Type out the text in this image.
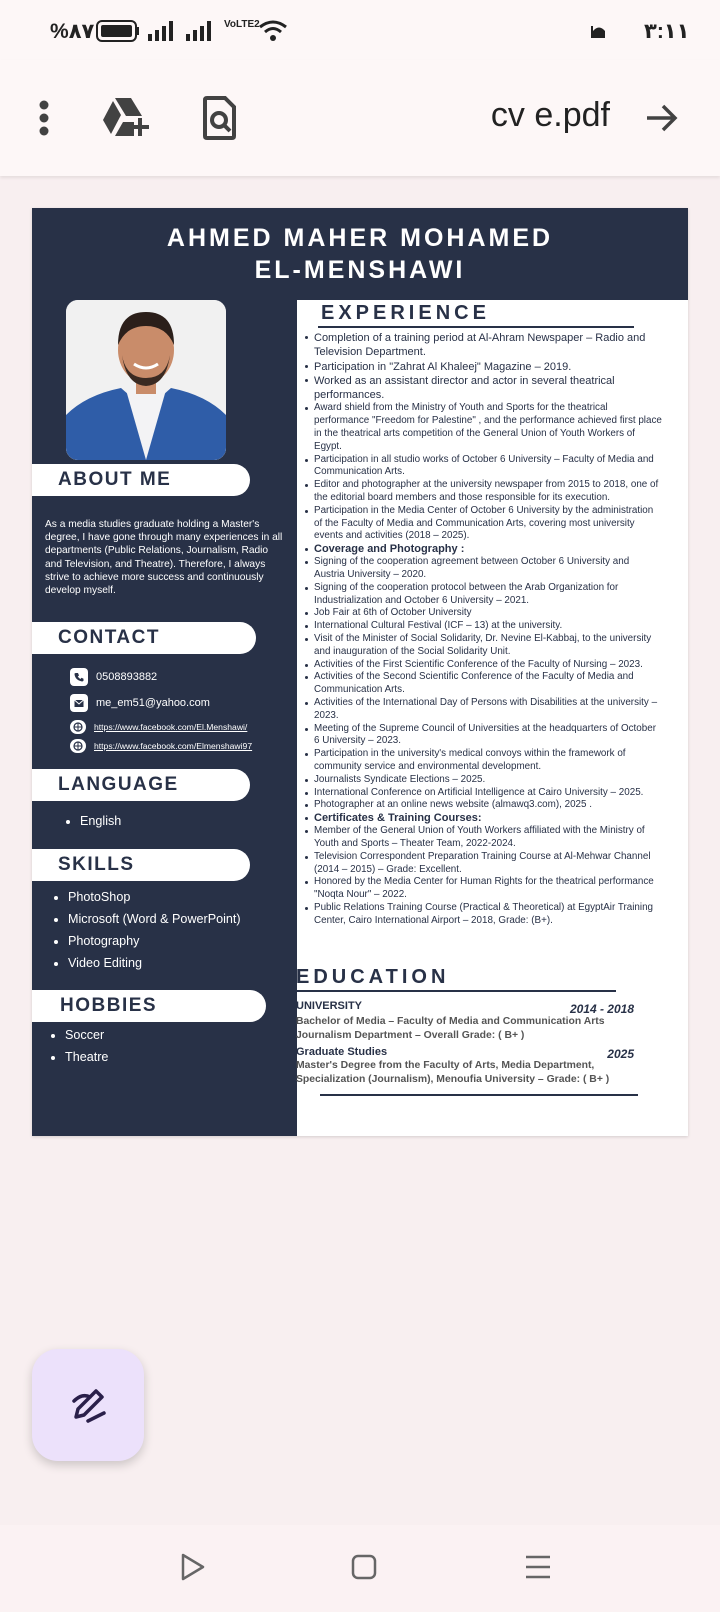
%٨٧	VoLTE2	٣:١١
cv e.pdf
AHMED MAHER MOHAMED
EL-MENSHAWI
ABOUT ME
As a media studies graduate holding a Master's degree, I have gone through many experiences in all departments (Public Relations, Journalism, Radio and Television, and Theatre). Therefore, I always strive to achieve more success and continuously develop myself.
CONTACT
0508893882
me_em51@yahoo.com
https://www.facebook.com/El.Menshawi/
https://www.facebook.com/Elmenshawi97
LANGUAGE
English
SKILLS
PhotoShop
Microsoft (Word & PowerPoint)
Photography
Video Editing
HOBBIES
Soccer
Theatre
EXPERIENCE
Completion of a training period at Al-Ahram Newspaper – Radio and Television Department.
Participation in "Zahrat Al Khaleej" Magazine – 2019.
Worked as an assistant director and actor in several theatrical performances.
Award shield from the Ministry of Youth and Sports for the theatrical performance "Freedom for Palestine" , and the performance achieved first place in the theatrical arts competition of the General Union of Youth Workers of Egypt.
Participation in all studio works of October 6 University – Faculty of Media and Communication Arts.
Editor and photographer at the university newspaper from 2015 to 2018, one of the editorial board members and those responsible for its execution.
Participation in the Media Center of October 6 University by the administration of the Faculty of Media and Communication Arts, covering most university events and activities (2018 – 2025).
Coverage and Photography :
Signing of the cooperation agreement between October 6 University and Austria University – 2020.
Signing of the cooperation protocol between the Arab Organization for Industrialization and October 6 University – 2021.
Job Fair at 6th of October University
International Cultural Festival (ICF – 13) at the university.
Visit of the Minister of Social Solidarity, Dr. Nevine El-Kabbaj, to the university and inauguration of the Social Solidarity Unit.
Activities of the First Scientific Conference of the Faculty of Nursing – 2023.
Activities of the Second Scientific Conference of the Faculty of Media and Communication Arts.
Activities of the International Day of Persons with Disabilities at the university – 2023.
Meeting of the Supreme Council of Universities at the headquarters of October 6 University – 2023.
Participation in the university's medical convoys within the framework of community service and environmental development.
Journalists Syndicate Elections – 2025.
International Conference on Artificial Intelligence at Cairo University – 2025.
Photographer at an online news website (almawq3.com), 2025 .
Certificates & Training Courses:
Member of the General Union of Youth Workers affiliated with the Ministry of Youth and Sports – Theater Team, 2022-2024.
Television Correspondent Preparation Training Course at Al-Mehwar Channel (2014 – 2015) – Grade: Excellent.
Honored by the Media Center for Human Rights for the theatrical performance "Noqta Nour" – 2022.
Public Relations Training Course (Practical & Theoretical) at EgyptAir Training Center, Cairo International Airport – 2018, Grade: (B+).
EDUCATION
UNIVERSITY	2014 - 2018
Bachelor of Media – Faculty of Media and Communication Arts
Journalism Department – Overall Grade: ( B+ )
Graduate Studies	2025
Master's Degree from the Faculty of Arts, Media Department,
Specialization (Journalism), Menoufia University – Grade: ( B+ )
